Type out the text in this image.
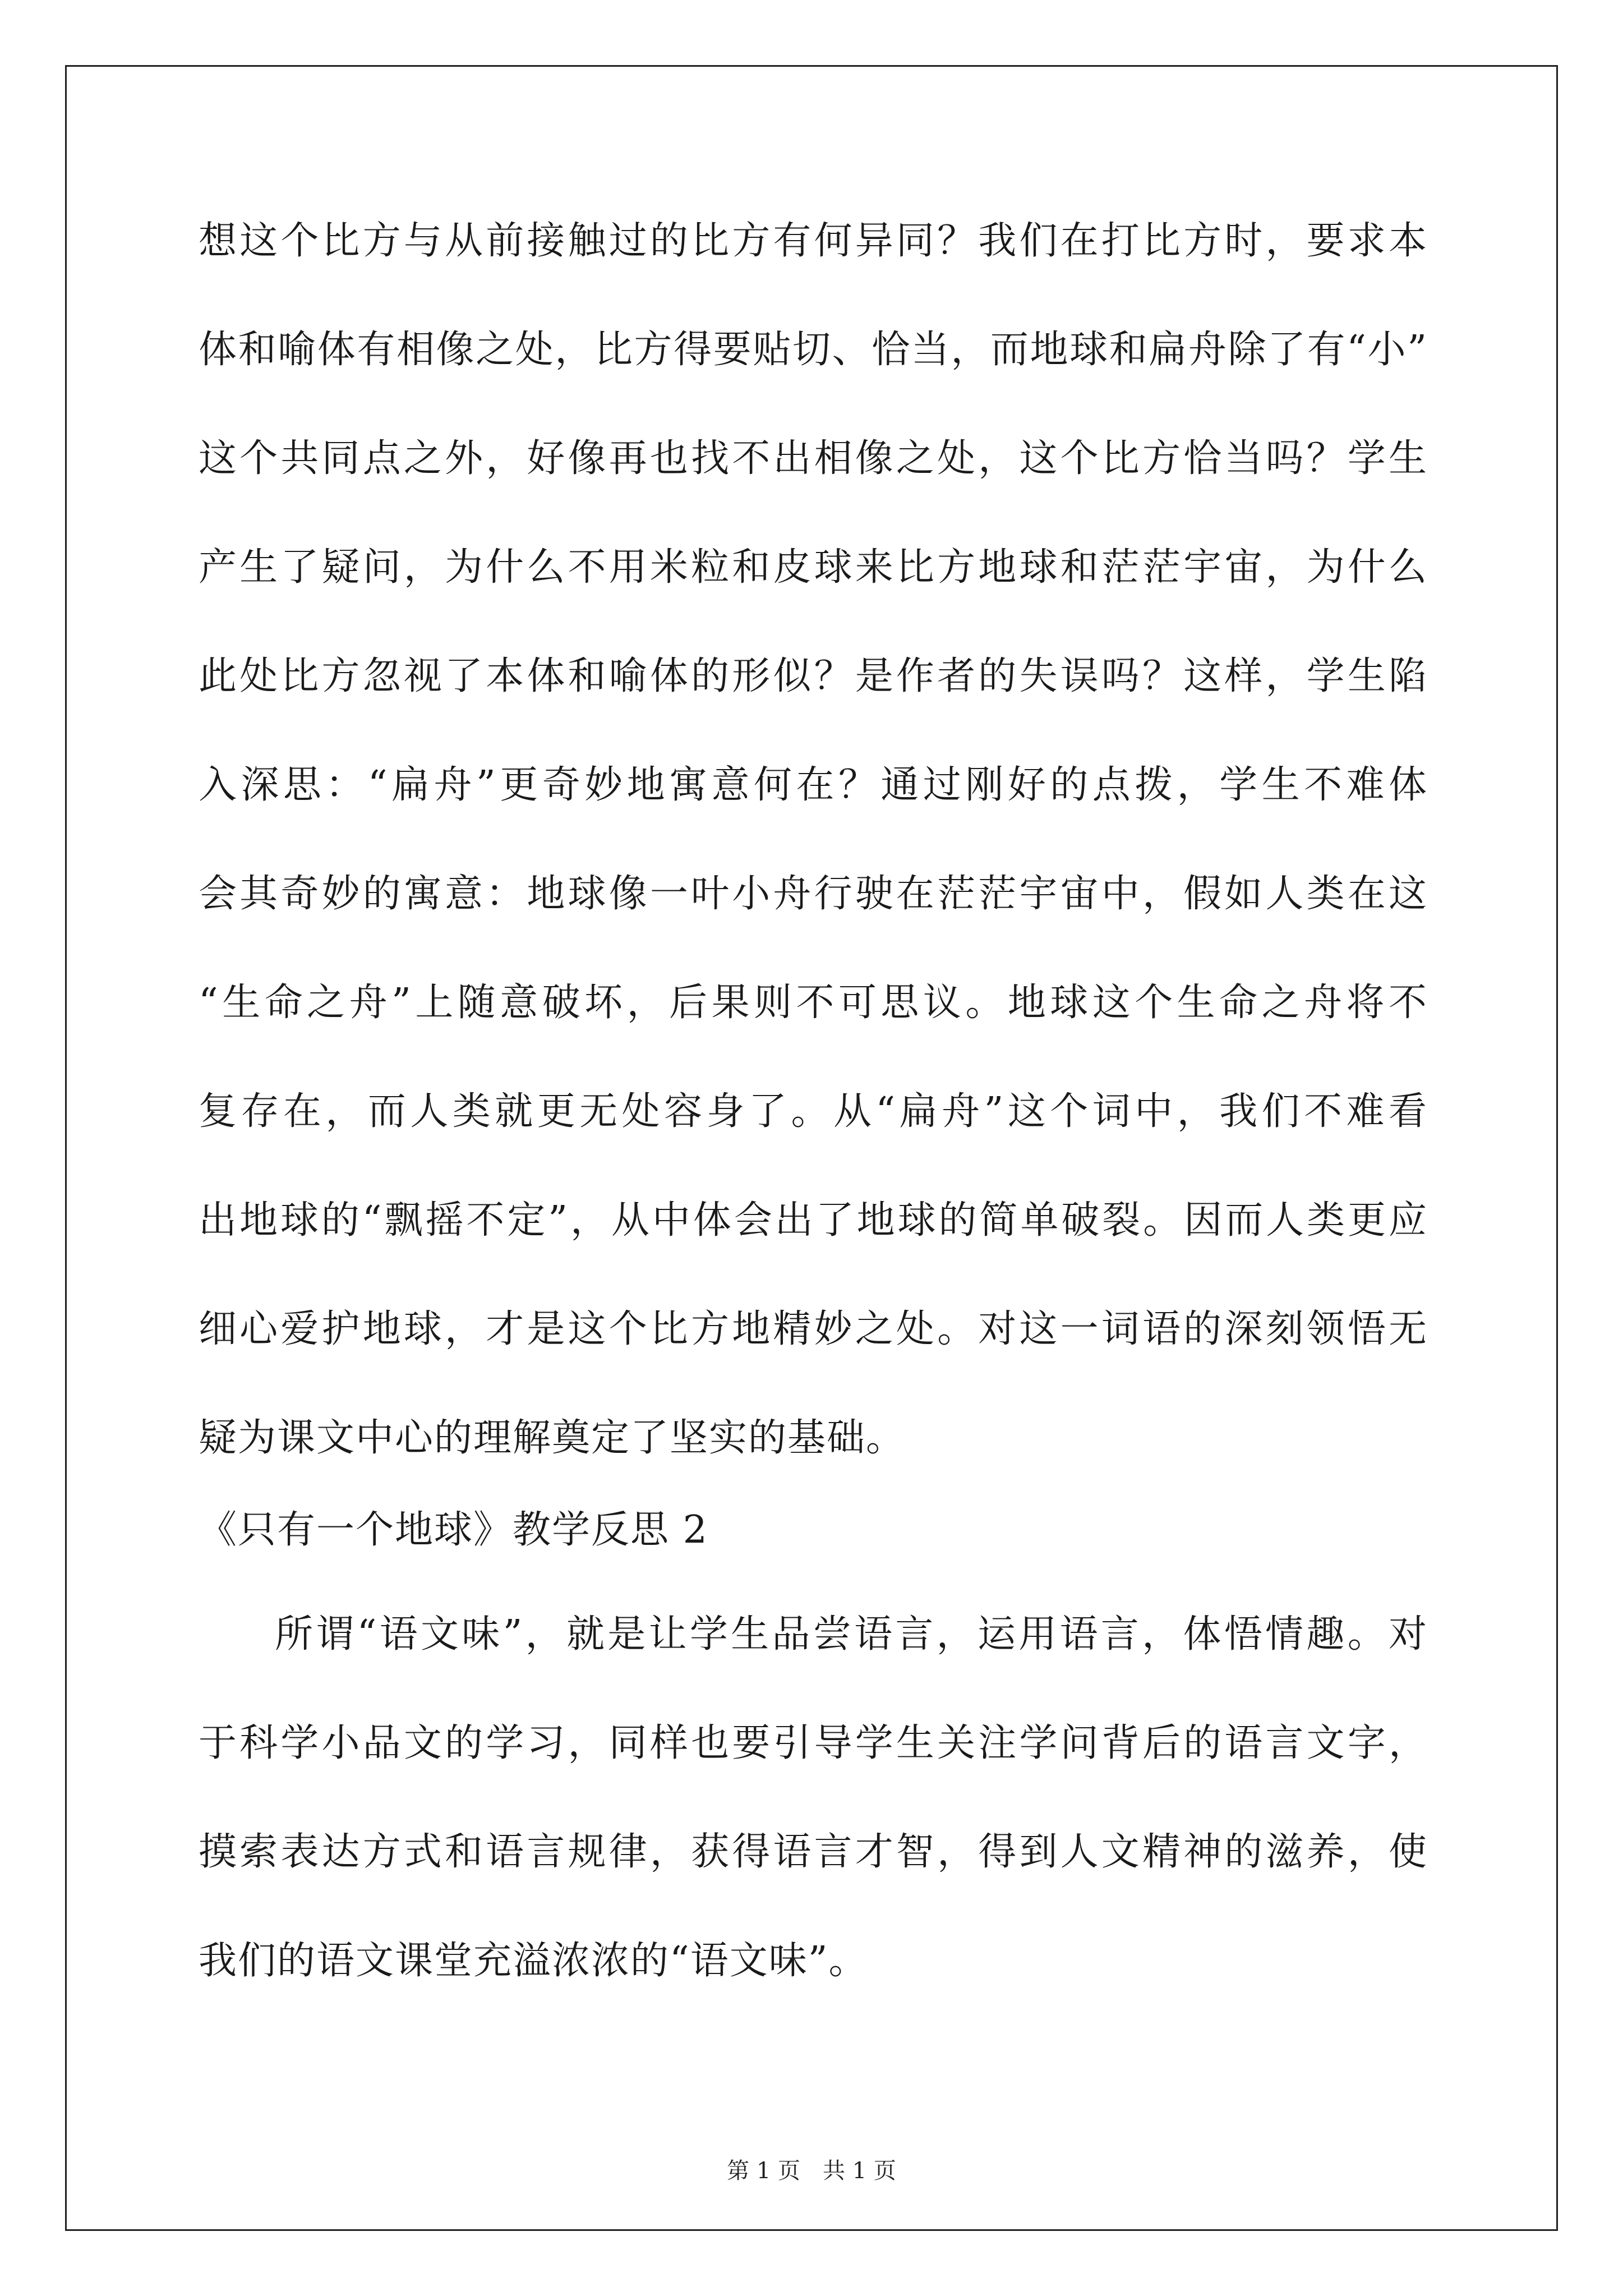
想这个比方与从前接触过的比方有何异同？我们在打比方时，要求本
体和喻体有相像之处，比方得要贴切、恰当，而地球和扁舟除了有“小”
这个共同点之外，好像再也找不出相像之处，这个比方恰当吗？学生
产生了疑问，为什么不用米粒和皮球来比方地球和茫茫宇宙，为什么
此处比方忽视了本体和喻体的形似？是作者的失误吗？这样，学生陷
入深思：“扁舟”更奇妙地寓意何在？通过刚好的点拨，学生不难体
会其奇妙的寓意：地球像一叶小舟行驶在茫茫宇宙中，假如人类在这
“生命之舟”上随意破坏，后果则不可思议。地球这个生命之舟将不
复存在，而人类就更无处容身了。从“扁舟”这个词中，我们不难看
出地球的“飘摇不定”，从中体会出了地球的简单破裂。因而人类更应
细心爱护地球，才是这个比方地精妙之处。对这一词语的深刻领悟无
疑为课文中心的理解奠定了坚实的基础。
《只有一个地球》教学反思 2
所谓“语文味”，就是让学生品尝语言，运用语言，体悟情趣。对
于科学小品文的学习，同样也要引导学生关注学问背后的语言文字，
摸索表达方式和语言规律，获得语言才智，得到人文精神的滋养，使
我们的语文课堂充溢浓浓的“语文味”。
第 1 页　共 1 页
